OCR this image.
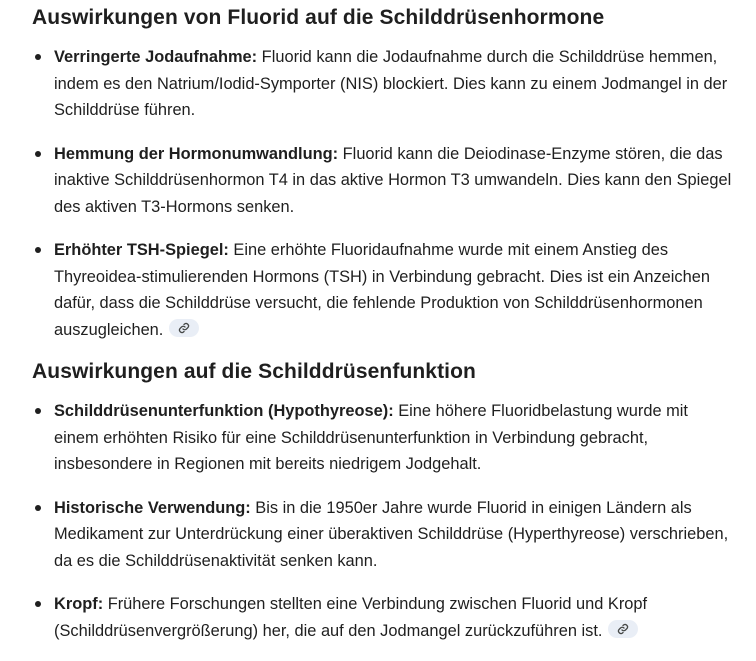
Auswirkungen von Fluorid auf die Schilddrüsenhormone
Verringerte Jodaufnahme: Fluorid kann die Jodaufnahme durch die Schilddrüse hemmen, indem es den Natrium/Iodid-Symporter (NIS) blockiert. Dies kann zu einem Jodmangel in der Schilddrüse führen.
Hemmung der Hormonumwandlung: Fluorid kann die Deiodinase-Enzyme stören, die das inaktive Schilddrüsenhormon T4 in das aktive Hormon T3 umwandeln. Dies kann den Spiegel des aktiven T3-Hormons senken.
Erhöhter TSH-Spiegel: Eine erhöhte Fluoridaufnahme wurde mit einem Anstieg des Thyreoidea-stimulierenden Hormons (TSH) in Verbindung gebracht. Dies ist ein Anzeichen dafür, dass die Schilddrüse versucht, die fehlende Produktion von Schilddrüsenhormonen auszugleichen.
Auswirkungen auf die Schilddrüsenfunktion
Schilddrüsenunterfunktion (Hypothyreose): Eine höhere Fluoridbelastung wurde mit einem erhöhten Risiko für eine Schilddrüsenunterfunktion in Verbindung gebracht, insbesondere in Regionen mit bereits niedrigem Jodgehalt.
Historische Verwendung: Bis in die 1950er Jahre wurde Fluorid in einigen Ländern als Medikament zur Unterdrückung einer überaktiven Schilddrüse (Hyperthyreose) verschrieben, da es die Schilddrüsenaktivität senken kann.
Kropf: Frühere Forschungen stellten eine Verbindung zwischen Fluorid und Kropf (Schilddrüsenvergrößerung) her, die auf den Jodmangel zurückzuführen ist.
